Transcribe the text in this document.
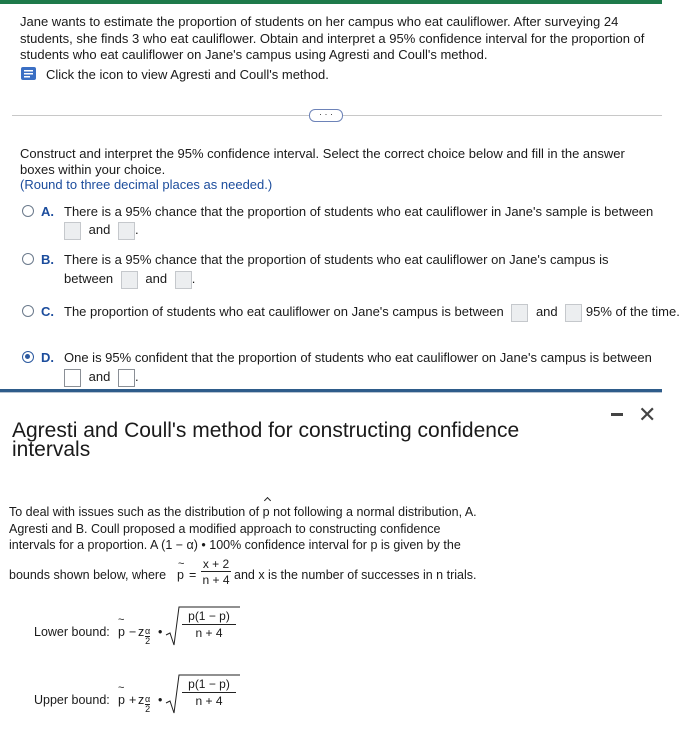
Jane wants to estimate the proportion of students on her campus who eat cauliflower. After surveying 24 students, she finds 3 who eat cauliflower. Obtain and interpret a 95% confidence interval for the proportion of students who eat cauliflower on Jane's campus using Agresti and Coull's method.
Click the icon to view Agresti and Coull's method.
· · ·
Construct and interpret the 95% confidence interval. Select the correct choice below and fill in the answer boxes within your choice.
(Round to three decimal places as needed.)
A. There is a 95% chance that the proportion of students who eat cauliflower in Jane's sample is between
and .
B. There is a 95% chance that the proportion of students who eat cauliflower on Jane's campus is
between and .
C. The proportion of students who eat cauliflower on Jane's campus is between and 95% of the time.
D. One is 95% confident that the proportion of students who eat cauliflower on Jane's campus is between
and .
✕
Agresti and Coull's method for constructing confidence intervals
To deal with issues such as the distribution of p not following a normal distribution, A. Agresti and B. Coull proposed a modified approach to constructing confidence intervals for a proportion. A (1 − α) • 100% confidence interval for p is given by the
bounds shown below, where p
~
= $\frac{x + 2}{n + 4}$ and x is the number of successes in n trials.
Lower bound:
~
p − z α
2
• $\frac{p(1 - p)}{n + 4}$
Upper bound:
~
p + z α
2
• $\frac{p(1 - p)}{n + 4}$
